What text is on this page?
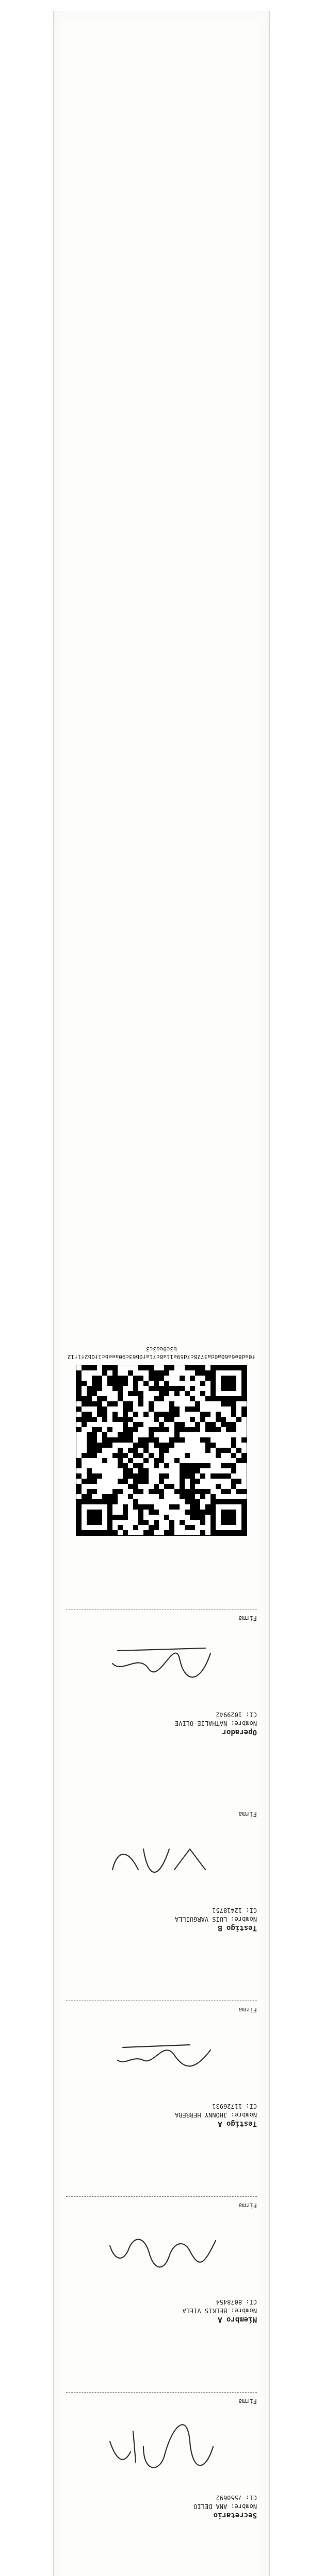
Secretario
Nombre: ANA DELIO
CI: 7550692
Firma
Miembro A
Nombre: BELKIS VIELA
CI: 8078454
Firma
Testigo A
Nombre: JHONNY HERRERA
CI: 11726931
Firma
Testigo B
Nombre: LUIS VARGUILLA
CI: 12418751
Firma
Operador
Nombre: NATHALIE OLIVE
CI: 1029942
Firma
f0ad8e6a60a0da3728c7d69e11a8c71af0b63c90aeebc1f0b2f1f12b3c0ee3c3
